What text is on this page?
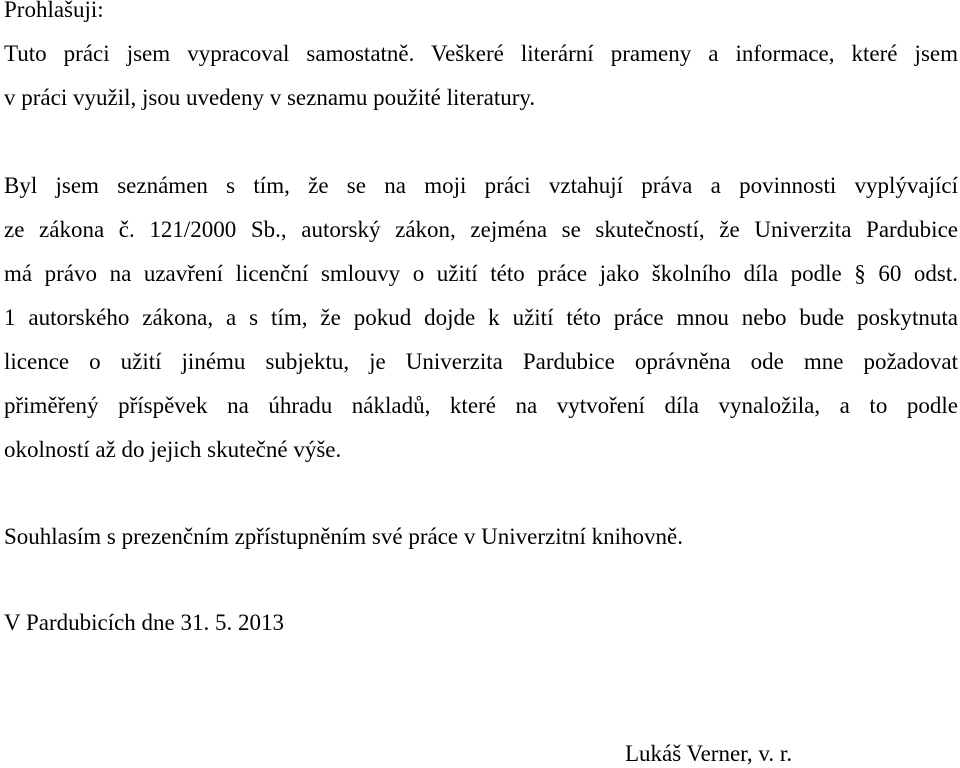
Prohlašuji:
Tuto práci jsem vypracoval samostatně. Veškeré literární prameny a informace, které jsem
v práci využil, jsou uvedeny v seznamu použité literatury.
Byl jsem seznámen s tím, že se na moji práci vztahují práva a povinnosti vyplývající
ze zákona č. 121/2000 Sb., autorský zákon, zejména se skutečností, že Univerzita Pardubice
má právo na uzavření licenční smlouvy o užití této práce jako školního díla podle § 60 odst.
1 autorského zákona, a s tím, že pokud dojde k užití této práce mnou nebo bude poskytnuta
licence o užití jinému subjektu, je Univerzita Pardubice oprávněna ode mne požadovat
přiměřený příspěvek na úhradu nákladů, které na vytvoření díla vynaložila, a to podle
okolností až do jejich skutečné výše.
Souhlasím s prezenčním zpřístupněním své práce v Univerzitní knihovně.
V Pardubicích dne 31. 5. 2013
Lukáš Verner, v. r.
